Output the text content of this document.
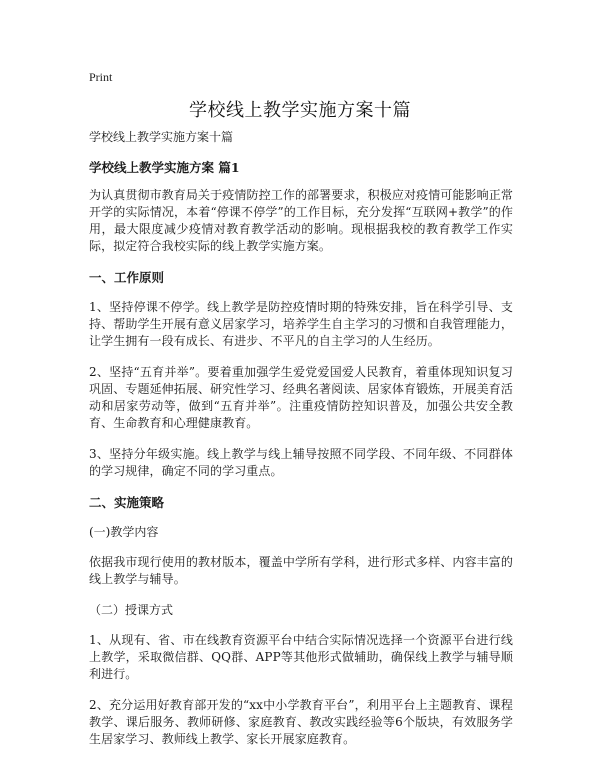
Print
学校线上教学实施方案十篇

学校线上教学实施方案十篇

学校线上教学实施方案 篇1

为认真贯彻市教育局关于疫情防控工作的部署要求，积极应对疫情可能影响正常开学的实际情况，本着“停课不停学”的工作目标，充分发挥“互联网+教学”的作用，最大限度减少疫情对教育教学活动的影响。现根据我校的教育教学工作实际，拟定符合我校实际的线上教学实施方案。

一、工作原则

1、坚持停课不停学。线上教学是防控疫情时期的特殊安排，旨在科学引导、支持、帮助学生开展有意义居家学习，培养学生自主学习的习惯和自我管理能力，让学生拥有一段有成长、有进步、不平凡的自主学习的人生经历。

2、坚持“五育并举”。要着重加强学生爱党爱国爱人民教育，着重体现知识复习巩固、专题延伸拓展、研究性学习、经典名著阅读、居家体育锻炼，开展美育活动和居家劳动等，做到“五育并举”。注重疫情防控知识普及，加强公共安全教育、生命教育和心理健康教育。

3、坚持分年级实施。线上教学与线上辅导按照不同学段、不同年级、不同群体的学习规律，确定不同的学习重点。

二、实施策略

(一)教学内容

依据我市现行使用的教材版本，覆盖中学所有学科，进行形式多样、内容丰富的线上教学与辅导。

（二）授课方式

1、从现有、省、市在线教育资源平台中结合实际情况选择一个资源平台进行线上教学，采取微信群、QQ群、APP等其他形式做辅助，确保线上教学与辅导顺利进行。

2、充分运用好教育部开发的“xx中小学教育平台”，利用平台上主题教育、课程教学、课后服务、教师研修、家庭教育、教改实践经验等6个版块，有效服务学生居家学习、教师线上教学、家长开展家庭教育。
